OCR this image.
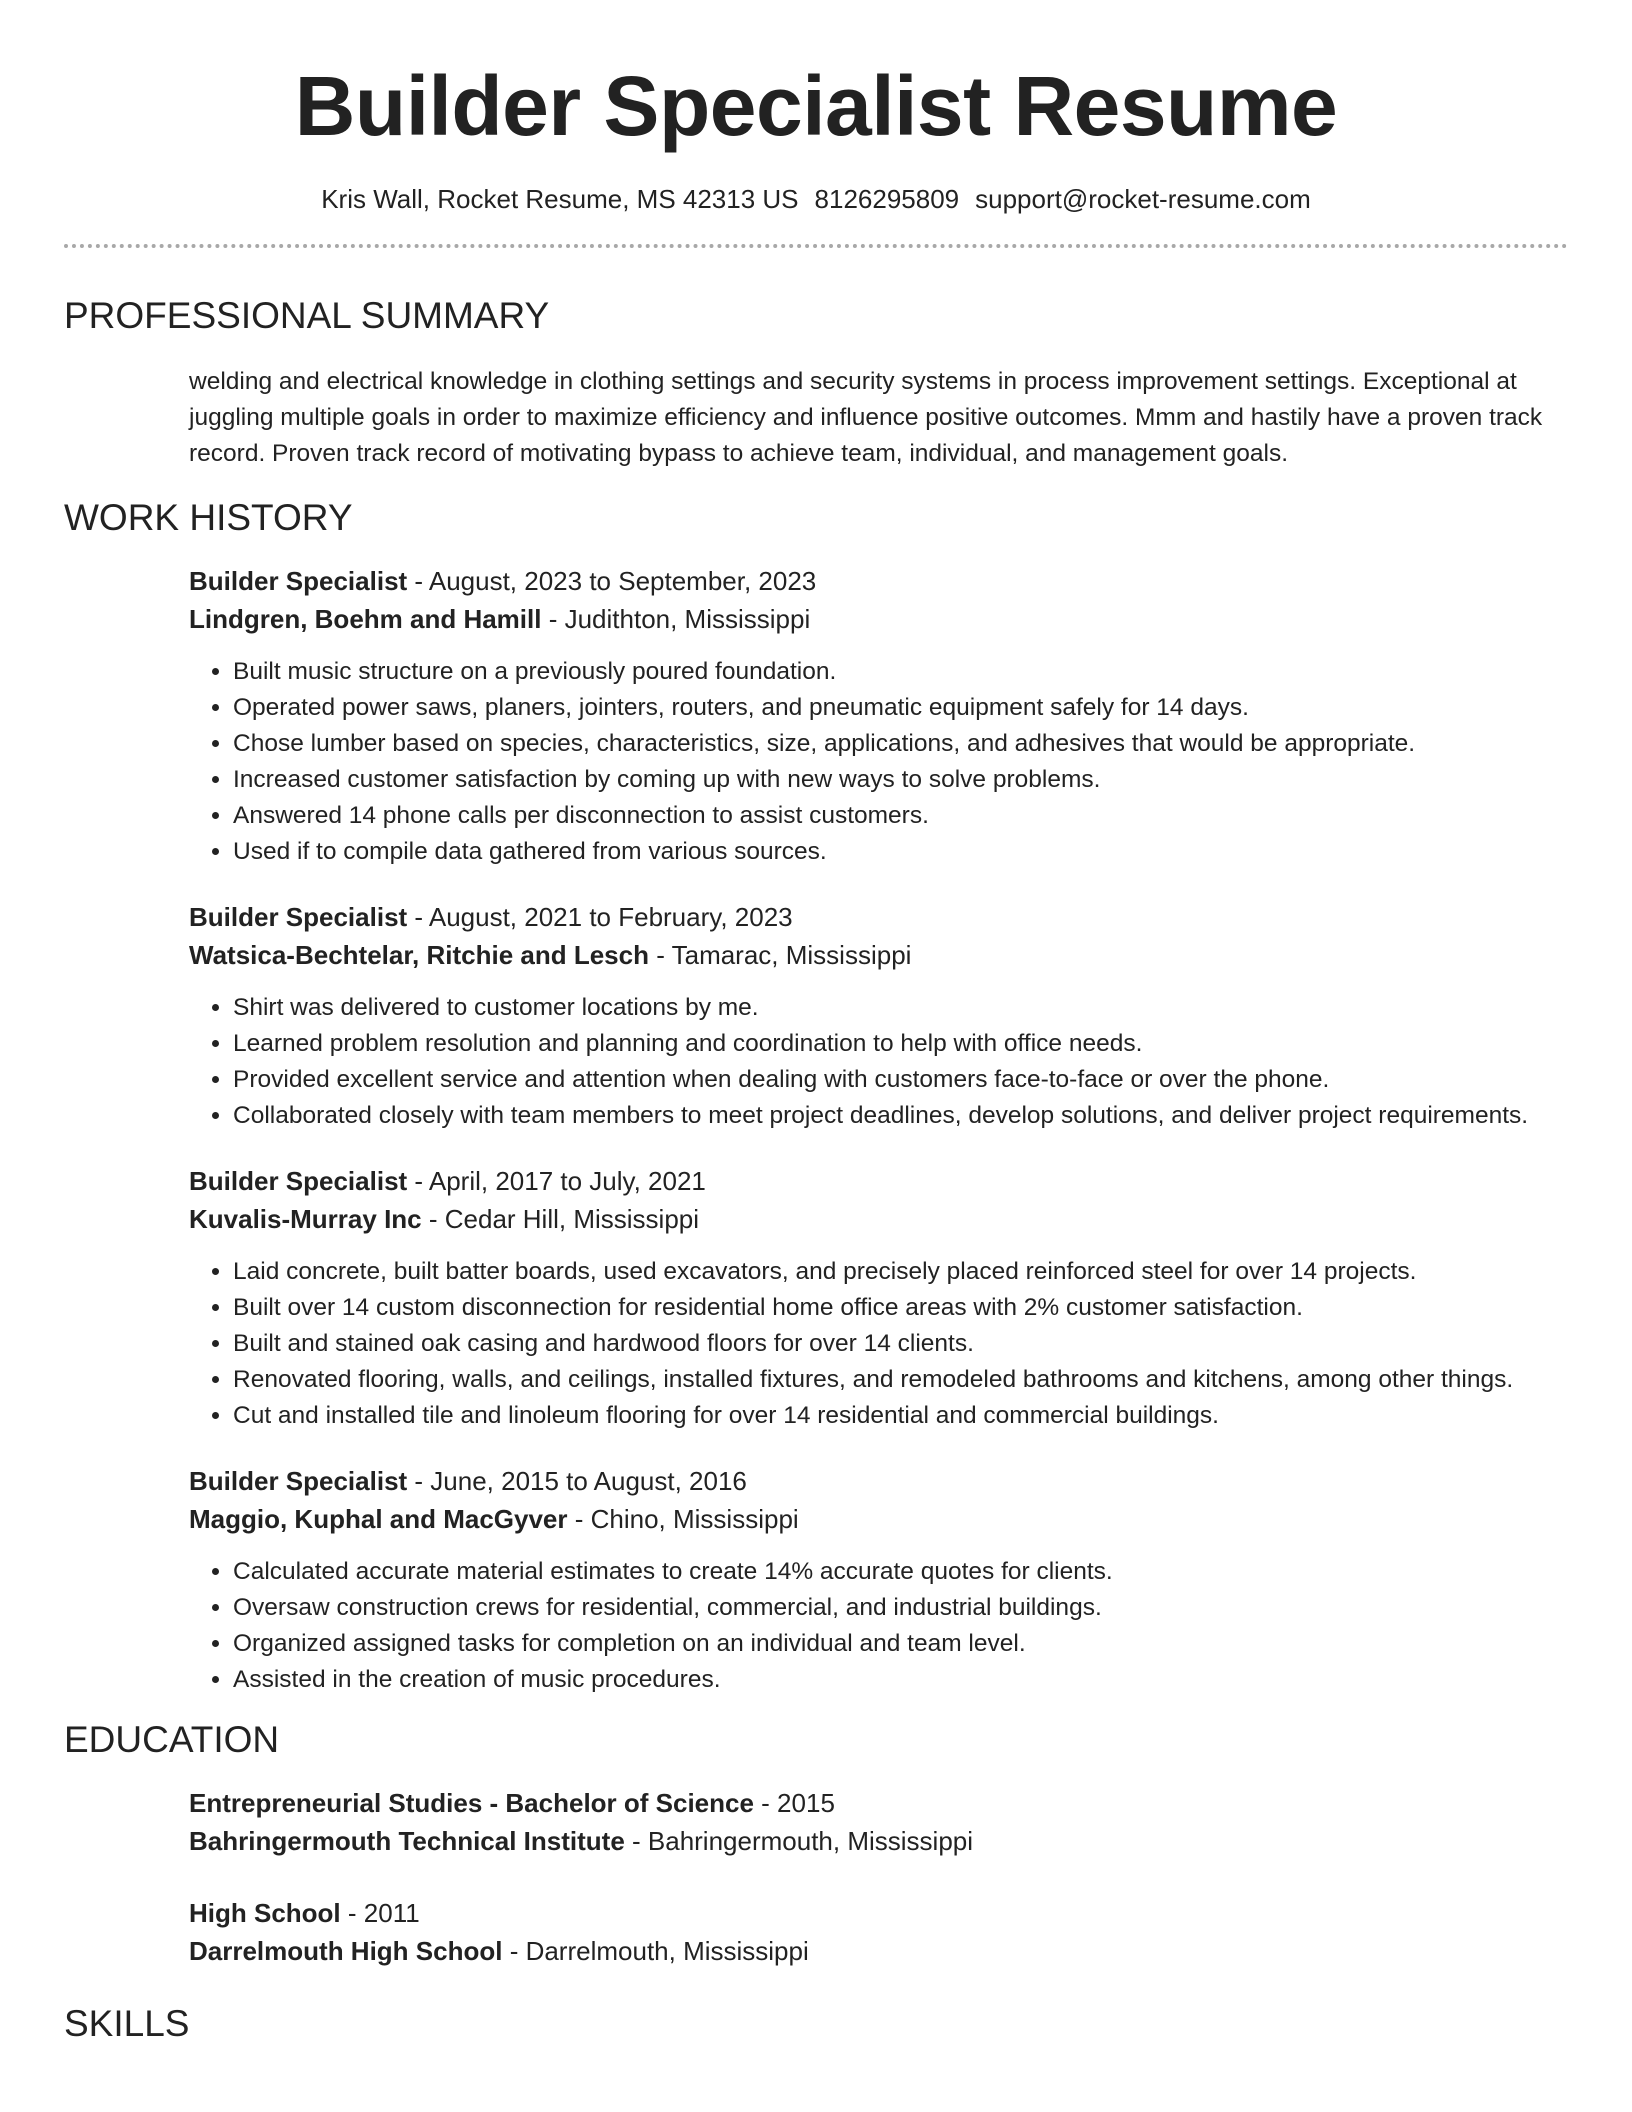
Builder Specialist Resume
Kris Wall, Rocket Resume, MS 42313 US 8126295809 support@rocket-resume.com
PROFESSIONAL SUMMARY

welding and electrical knowledge in clothing settings and security systems in process improvement settings. Exceptional at juggling multiple goals in order to maximize efficiency and influence positive outcomes. Mmm and hastily have a proven track record. Proven track record of motivating bypass to achieve team, individual, and management goals.

WORK HISTORY
Builder Specialist - August, 2023 to September, 2023
Lindgren, Boehm and Hamill - Judithton, Mississippi
• Built music structure on a previously poured foundation.
• Operated power saws, planers, jointers, routers, and pneumatic equipment safely for 14 days.
• Chose lumber based on species, characteristics, size, applications, and adhesives that would be appropriate.
• Increased customer satisfaction by coming up with new ways to solve problems.
• Answered 14 phone calls per disconnection to assist customers.
• Used if to compile data gathered from various sources.
Builder Specialist - August, 2021 to February, 2023
Watsica-Bechtelar, Ritchie and Lesch - Tamarac, Mississippi
• Shirt was delivered to customer locations by me.
• Learned problem resolution and planning and coordination to help with office needs.
• Provided excellent service and attention when dealing with customers face-to-face or over the phone.
• Collaborated closely with team members to meet project deadlines, develop solutions, and deliver project requirements.
Builder Specialist - April, 2017 to July, 2021
Kuvalis-Murray Inc - Cedar Hill, Mississippi
• Laid concrete, built batter boards, used excavators, and precisely placed reinforced steel for over 14 projects.
• Built over 14 custom disconnection for residential home office areas with 2% customer satisfaction.
• Built and stained oak casing and hardwood floors for over 14 clients.
• Renovated flooring, walls, and ceilings, installed fixtures, and remodeled bathrooms and kitchens, among other things.
• Cut and installed tile and linoleum flooring for over 14 residential and commercial buildings.
Builder Specialist - June, 2015 to August, 2016
Maggio, Kuphal and MacGyver - Chino, Mississippi
• Calculated accurate material estimates to create 14% accurate quotes for clients.
• Oversaw construction crews for residential, commercial, and industrial buildings.
• Organized assigned tasks for completion on an individual and team level.
• Assisted in the creation of music procedures.
EDUCATION
Entrepreneurial Studies - Bachelor of Science - 2015
Bahringermouth Technical Institute - Bahringermouth, Mississippi
High School - 2011
Darrelmouth High School - Darrelmouth, Mississippi
SKILLS
